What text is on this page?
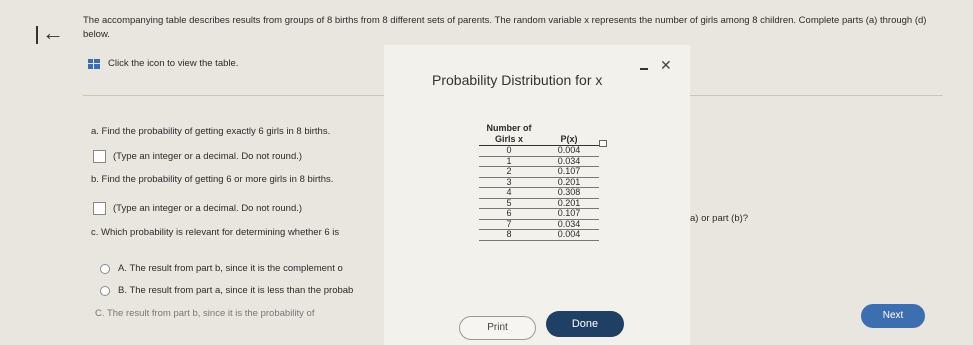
← The accompanying table describes results from groups of 8 births from 8 different sets of parents. The random variable x represents the number of girls among 8 children. Complete parts (a) through (d) below.
Click the icon to view the table.
a. Find the probability of getting exactly 6 girls in 8 births.
(Type an integer or a decimal. Do not round.)
b. Find the probability of getting 6 or more girls in 8 births.
(Type an integer or a decimal. Do not round.)
c. Which probability is relevant for determining whether 6 is
a) or part (b)?
A. The result from part b, since it is the complement o
B. The result from part a, since it is less than the probab
C. The result from part b, since it is the probability of
Probability Distribution for x
✕
Number of
Girls x	P(x)
0	0.004
1	0.034
2	0.107
3	0.201
4	0.308
5	0.201
6	0.107
7	0.034
8	0.004
Print	Done
Next
